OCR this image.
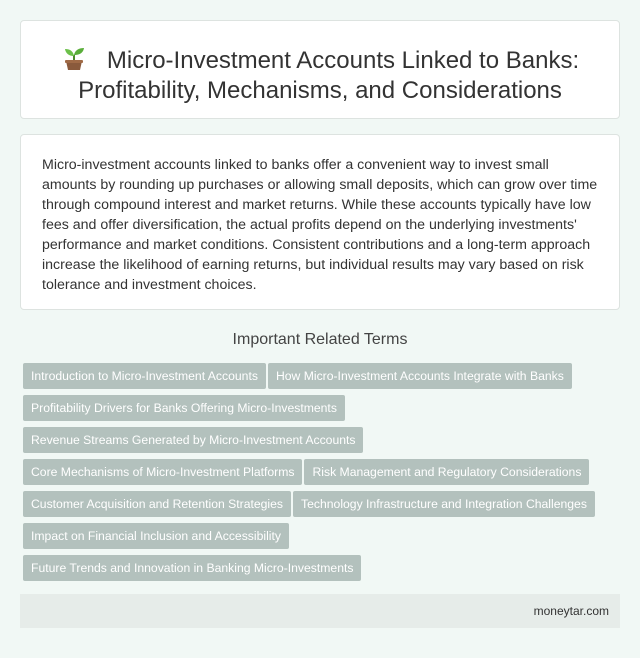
Micro-Investment Accounts Linked to Banks:
Profitability, Mechanisms, and Considerations

Micro-investment accounts linked to banks offer a convenient way to invest small amounts by rounding up purchases or allowing small deposits, which can grow over time through compound interest and market returns. While these accounts typically have low fees and offer diversification, the actual profits depend on the underlying investments' performance and market conditions. Consistent contributions and a long-term approach increase the likelihood of earning returns, but individual results may vary based on risk tolerance and investment choices.

Important Related Terms
Introduction to Micro-Investment Accounts How Micro-Investment Accounts Integrate with Banks
Profitability Drivers for Banks Offering Micro-Investments
Revenue Streams Generated by Micro-Investment Accounts
Core Mechanisms of Micro-Investment Platforms Risk Management and Regulatory Considerations
Customer Acquisition and Retention Strategies Technology Infrastructure and Integration Challenges
Impact on Financial Inclusion and Accessibility
Future Trends and Innovation in Banking Micro-Investments
moneytar.com
